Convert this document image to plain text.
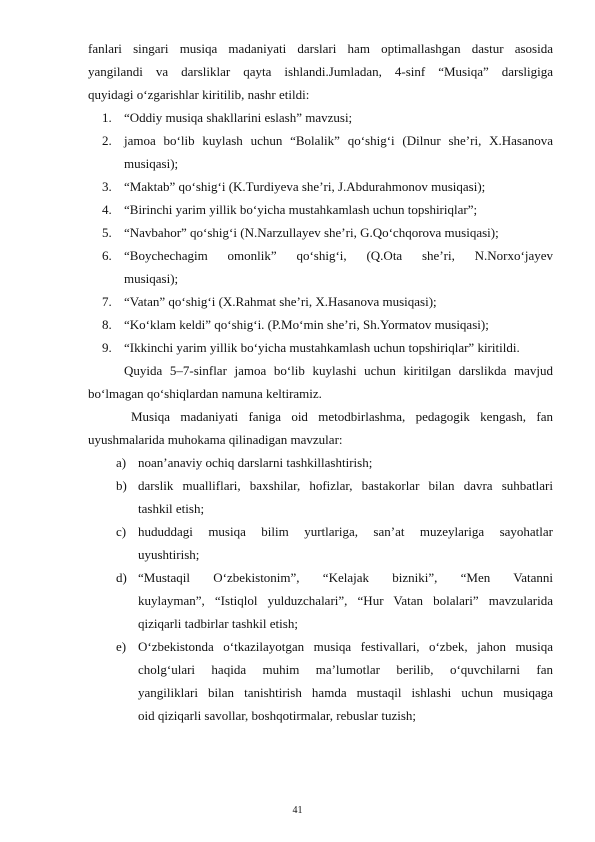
fanlari singari musiqa madaniyati darslari ham optimallashgan dastur asosida
yangilandi va darsliklar qayta ishlandi.Jumladan, 4-sinf “Musiqa” darsligiga
quyidagi o‘zgarishlar kiritilib, nashr etildi:
1. “Oddiy musiqa shakllarini eslash” mavzusi;
2. jamoa bo‘lib kuylash uchun “Bolalik” qo‘shig‘i (Dilnur she’ri, X.Hasanova
musiqasi);
3. “Maktab” qo‘shig‘i (K.Turdiyeva she’ri, J.Abdurahmonov musiqasi);
4. “Birinchi yarim yillik bo‘yicha mustahkamlash uchun topshiriqlar”;
5. “Navbahor” qo‘shig‘i (N.Narzullayev she’ri, G.Qo‘chqorova musiqasi);
6. “Boychechagim omonlik” qo‘shig‘i, (Q.Ota she’ri, N.Norxo‘jayev
musiqasi);
7. “Vatan” qo‘shig‘i (X.Rahmat she’ri, X.Hasanova musiqasi);
8. “Ko‘klam keldi” qo‘shig‘i. (P.Mo‘min she’ri, Sh.Yormatov musiqasi);
9. “Ikkinchi yarim yillik bo‘yicha mustahkamlash uchun topshiriqlar” kiritildi.
Quyida 5–7-sinflar jamoa bo‘lib kuylashi uchun kiritilgan darslikda mavjud
bo‘lmagan qo‘shiqlardan namuna keltiramiz.
Musiqa madaniyati faniga oid metodbirlashma, pedagogik kengash, fan
uyushmalarida muhokama qilinadigan mavzular:
a) noan’anaviy ochiq darslarni tashkillashtirish;
b) darslik mualliflari, baxshilar, hofizlar, bastakorlar bilan davra suhbatlari
tashkil etish;
c) hududdagi musiqa bilim yurtlariga, san’at muzeylariga sayohatlar
uyushtirish;
d) “Mustaqil O‘zbekistonim”, “Kelajak bizniki”, “Men Vatanni
kuylayman”, “Istiqlol yulduzchalari”, “Hur Vatan bolalari” mavzularida
qiziqarli tadbirlar tashkil etish;
e) O‘zbekistonda o‘tkazilayotgan musiqa festivallari, o‘zbek, jahon musiqa
cholg‘ulari haqida muhim ma’lumotlar berilib, o‘quvchilarni fan
yangiliklari bilan tanishtirish hamda mustaqil ishlashi uchun musiqaga
oid qiziqarli savollar, boshqotirmalar, rebuslar tuzish;
41
